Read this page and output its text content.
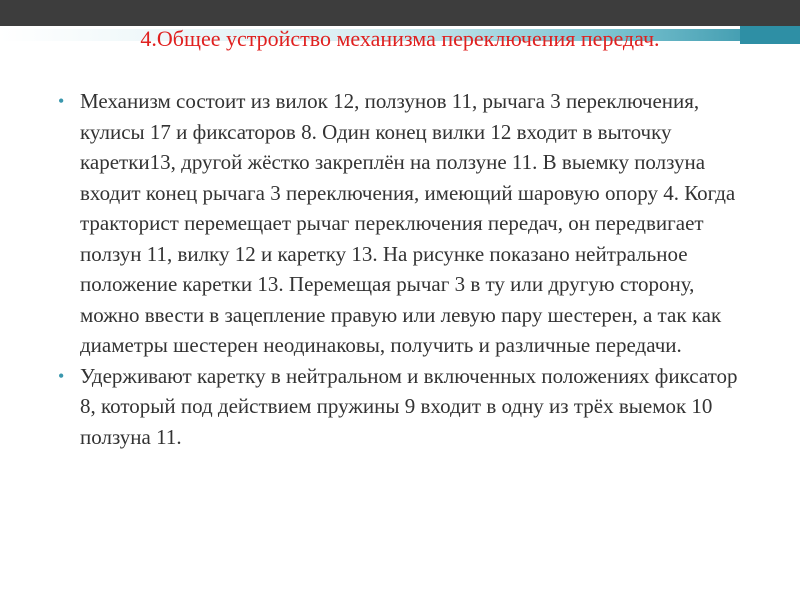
4.Общее устройство механизма переключения передач.
• Механизм состоит из вилок 12, ползунов 11, рычага 3 переключения, кулисы 17 и фиксаторов 8. Один конец вилки 12 входит в выточку каретки13, другой жёстко закреплён на ползуне 11. В выемку ползуна входит конец рычага 3 переключения, имеющий шаровую опору 4. Когда тракторист перемещает рычаг переключения передач, он передвигает ползун 11, вилку 12 и каретку 13. На рисунке показано нейтральное положение каретки 13. Перемещая рычаг 3 в ту или другую сторону, можно ввести в зацепление правую или левую пару шестерен, а так как диаметры шестерен неодинаковы, получить и различные передачи.
• Удерживают каретку в нейтральном и включенных положениях фиксатор 8, который под действием пружины 9 входит в одну из трёх выемок 10 ползуна 11.
